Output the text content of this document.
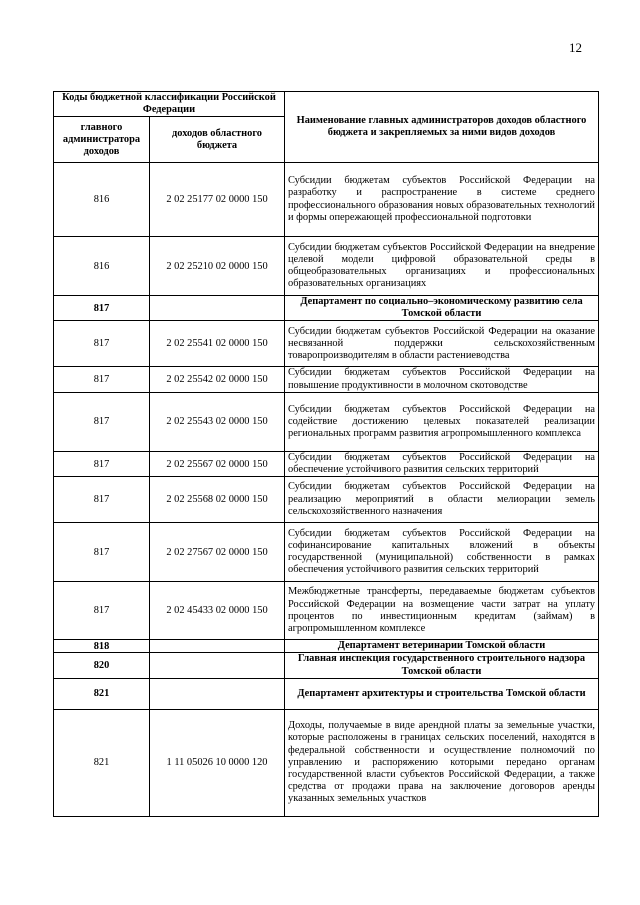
12
Коды бюджетной классификации Российской Федерации		Наименование главных администраторов доходов областного бюджета и закрепляемых за ними видов доходов
главного администратора доходов	доходов областного бюджета	
816	2 02 25177 02 0000 150	Субсидии бюджетам субъектов Российской Федерации на разработку и распространение в системе среднего профессионального образования новых образовательных технологий и формы опережающей профессиональной подготовки
816	2 02 25210 02 0000 150	Субсидии бюджетам субъектов Российской Федерации на внедрение целевой модели цифровой образовательной среды в общеобразовательных организациях и профессиональных образовательных организациях
817		Департамент по социально–экономическому развитию села Томской области
817	2 02 25541 02 0000 150	Субсидии бюджетам субъектов Российской Федерации на оказание несвязанной поддержки сельскохозяйственным товаропроизводителям в области растениеводства
817	2 02 25542 02 0000 150	Субсидии бюджетам субъектов Российской Федерации на повышение продуктивности в молочном скотоводстве
817	2 02 25543 02 0000 150	Субсидии бюджетам субъектов Российской Федерации на содействие достижению целевых показателей реализации региональных программ развития агропромышленного комплекса
817	2 02 25567 02 0000 150	Субсидии бюджетам субъектов Российской Федерации на обеспечение устойчивого развития сельских территорий
817	2 02 25568 02 0000 150	Субсидии бюджетам субъектов Российской Федерации на реализацию мероприятий в области мелиорации земель сельскохозяйственного назначения
817	2 02 27567 02 0000 150	Субсидии бюджетам субъектов Российской Федерации на софинансирование капитальных вложений в объекты государственной (муниципальной) собственности в рамках обеспечения устойчивого развития сельских территорий
817	2 02 45433 02 0000 150	Межбюджетные трансферты, передаваемые бюджетам субъектов Российской Федерации на возмещение части затрат на уплату процентов по инвестиционным кредитам (займам) в агропромышленном комплексе
818		Департамент ветеринарии Томской области
820		Главная инспекция государственного строительного надзора Томской области
821		Департамент архитектуры и строительства Томской области
821	1 11 05026 10 0000 120	Доходы, получаемые в виде арендной платы за земельные участки, которые расположены в границах сельских поселений, находятся в федеральной собственности и осуществление полномочий по управлению и распоряжению которыми передано органам государственной власти субъектов Российской Федерации, а также средства от продажи права на заключение договоров аренды указанных земельных участков
